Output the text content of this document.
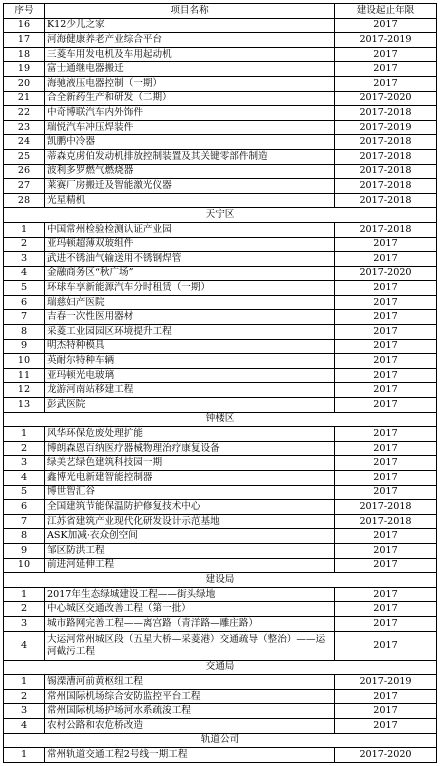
序号	项目名称	建设起止年限
16	K12少儿之家	2017
17	河海健康养老产业综合平台	2017-2019
18	三菱车用发电机及车用起动机	2017
19	富士通继电器搬迁	2017
20	海驰液压电器控制（一期）	2017
21	合全新药生产和研发（二期）	2017-2020
22	中奇博联汽车内外饰件	2017-2018
23	瑞悦汽车冲压焊装件	2017-2019
24	凯鹏中冷器	2017-2018
25	蒂森克虏伯发动机排放控制装置及其关键零部件制造	2017-2018
26	波利多罗燃气燃烧器	2017-2018
27	莱赛厂房搬迁及智能激光仪器	2017-2018
28	光星精机	2017-2018
天宁区		
1	中国常州检验检测认证产业园	2017-2018
2	亚玛顿超薄双玻组件	2017
3	武进不锈油气输送用不锈钢焊管	2017
4	金融商务区“秋广场”	2017-2020
5	环球车享新能源汽车分时租赁（一期）	2017
6	瑞慈妇产医院	2017
7	吉春一次性医用器材	2017
8	采菱工业园园区环境提升工程	2017
9	明杰特种模具	2017
10	英耐尔特种车辆	2017
11	亚玛顿光电玻璃	2017
12	龙游河南站移建工程	2017
13	彭武医院	2017
钟楼区		
1	风华环保危废处理扩能	2017
2	博朗森恩百纳医疗器械物理治疗康复设备	2017
3	绿美艺绿色建筑科技园一期	2017
4	鑫博光电新建智能控制器	2017
5	博世智汇谷	2017
6	全国建筑节能保温防护修复技术中心	2017-2018
7	江苏省建筑产业现代化研发设计示范基地	2017-2018
8	ASK加减·衣众创空间	2017
9	邹区防洪工程	2017
10	前进河延伸工程	2017
建设局		
1	2017年生态绿城建设工程——街头绿地	2017
2	中心城区交通改善工程（第一批）	2017
3	城市路网完善工程——离宫路（青洋路—雕庄路）	2017
4	大运河常州城区段（五星大桥—采菱港）交通疏导（整治）——运河截污工程	2017
交通局		
1	锡溧漕河前黄枢纽工程	2017-2019
2	常州国际机场综合安防监控平台工程	2017
3	常州国际机场护场河水系疏浚工程	2017
4	农村公路和农危桥改造	2017
轨道公司		
1	常州轨道交通工程2号线一期工程	2017-2020
